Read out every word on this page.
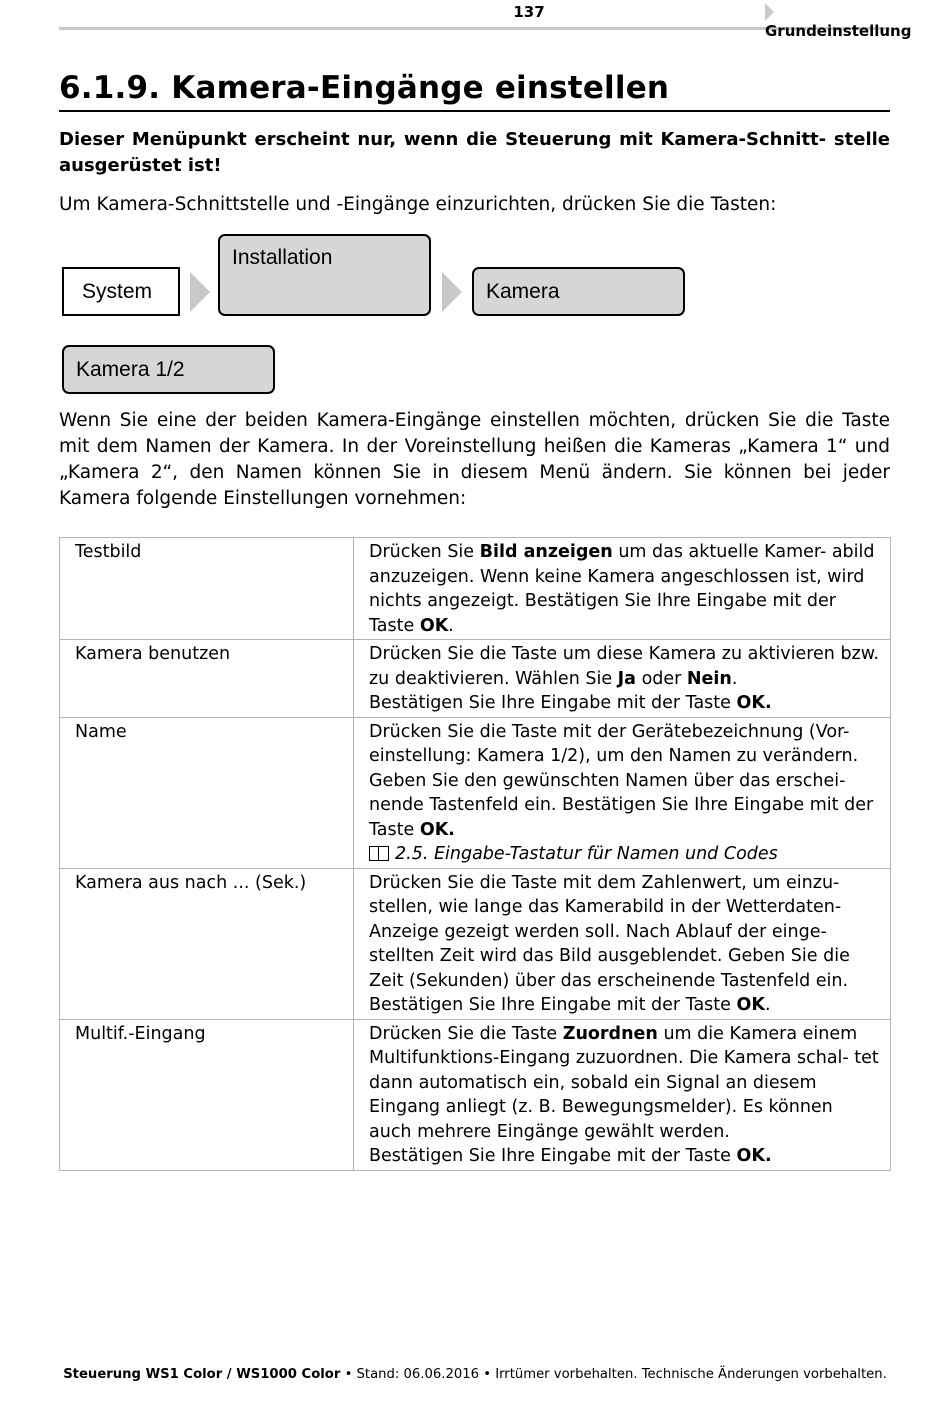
137
Grundeinstellung
6.1.9. Kamera-Eingänge einstellen

Dieser Menüpunkt erscheint nur, wenn die Steuerung mit Kamera-Schnitt- stelle ausgerüstet ist!

Um Kamera-Schnittstelle und -Eingänge einzurichten, drücken Sie die Tasten:

System
Installation
Kamera
Kamera 1/2

Wenn Sie eine der beiden Kamera-Eingänge einstellen möchten, drücken Sie die Taste mit dem Namen der Kamera. In der Voreinstellung heißen die Kameras „Kamera 1“ und „Kamera 2“, den Namen können Sie in diesem Menü ändern. Sie können bei jeder Kamera folgende Einstellungen vornehmen:

Testbild	Drücken Sie Bild anzeigen um das aktuelle Kamer- abild anzuzeigen. Wenn keine Kamera angeschlossen ist, wird nichts angezeigt. Bestätigen Sie Ihre Eingabe mit der Taste OK.
Kamera benutzen	Drücken Sie die Taste um diese Kamera zu aktivieren bzw. zu deaktivieren. Wählen Sie Ja oder Nein.
Bestätigen Sie Ihre Eingabe mit der Taste OK.
Name	Drücken Sie die Taste mit der Gerätebezeichnung (Vor- einstellung: Kamera 1/2), um den Namen zu verändern. Geben Sie den gewünschten Namen über das erschei- nende Tastenfeld ein. Bestätigen Sie Ihre Eingabe mit der Taste OK.
2.5. Eingabe-Tastatur für Namen und Codes
Kamera aus nach ... (Sek.)	Drücken Sie die Taste mit dem Zahlenwert, um einzu- stellen, wie lange das Kamerabild in der Wetterdaten- Anzeige gezeigt werden soll. Nach Ablauf der einge- stellten Zeit wird das Bild ausgeblendet. Geben Sie die Zeit (Sekunden) über das erscheinende Tastenfeld ein. Bestätigen Sie Ihre Eingabe mit der Taste OK.
Multif.-Eingang	Drücken Sie die Taste Zuordnen um die Kamera einem Multifunktions-Eingang zuzuordnen. Die Kamera schal- tet dann automatisch ein, sobald ein Signal an diesem Eingang anliegt (z. B. Bewegungsmelder). Es können auch mehrere Eingänge gewählt werden.
Bestätigen Sie Ihre Eingabe mit der Taste OK.
Steuerung WS1 Color / WS1000 Color • Stand: 06.06.2016 • Irrtümer vorbehalten. Technische Änderungen vorbehalten.
